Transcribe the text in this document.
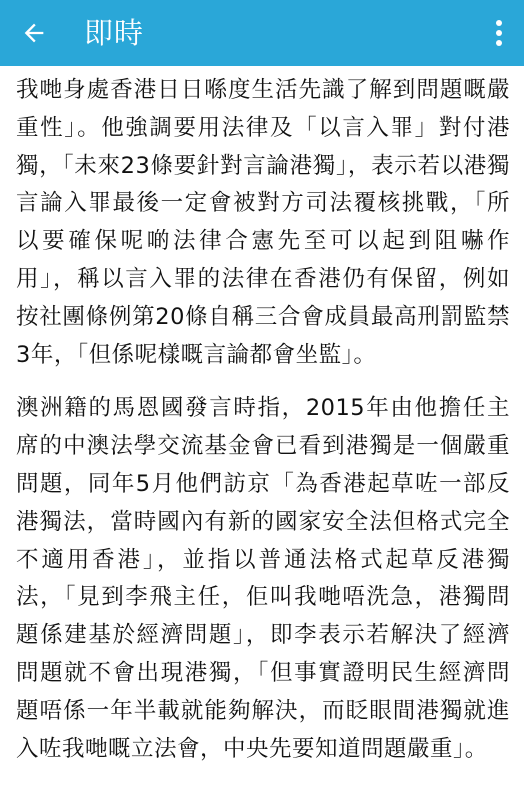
即時

我哋身處香港日日喺度生活先識了解到問題嘅嚴重性」。他強調要用法律及「以言入罪」對付港獨，「未來23條要針對言論港獨」，表示若以港獨言論入罪最後一定會被對方司法覆核挑戰，「所以要確保呢啲法律合憲先至可以起到阻嚇作用」，稱以言入罪的法律在香港仍有保留，例如按社團條例第20條自稱三合會成員最高刑罰監禁3年，「但係呢樣嘅言論都會坐監」。

澳洲籍的馬恩國發言時指，2015年由他擔任主席的中澳法學交流基金會已看到港獨是一個嚴重問題，同年5月他們訪京「為香港起草咗一部反港獨法，當時國內有新的國家安全法但格式完全不適用香港」，並指以普通法格式起草反港獨法，「見到李飛主任，佢叫我哋唔洗急，港獨問題係建基於經濟問題」，即李表示若解決了經濟問題就不會出現港獨，「但事實證明民生經濟問題唔係一年半載就能夠解決，而眨眼間港獨就進入咗我哋嘅立法會，中央先要知道問題嚴重」。
